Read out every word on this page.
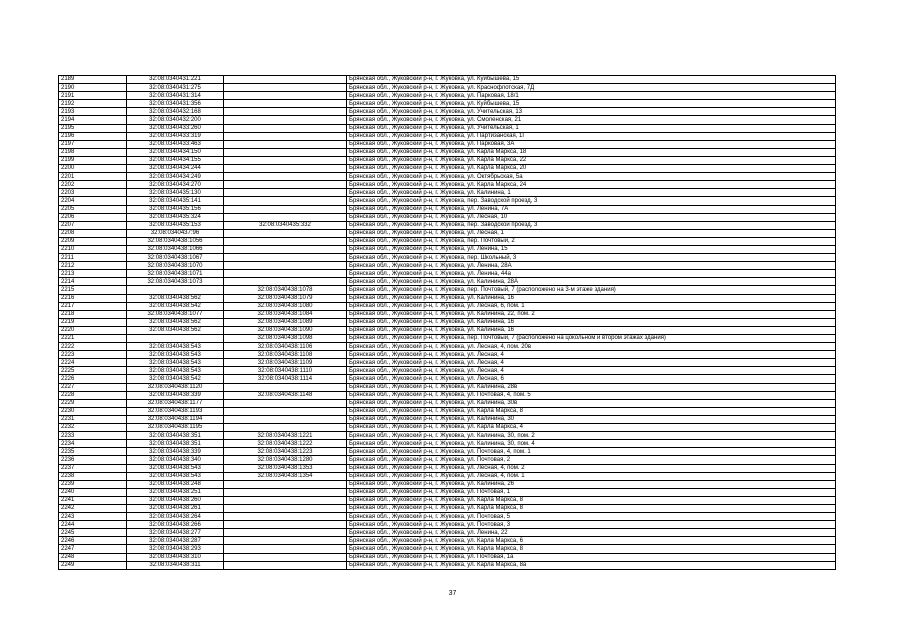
2189	32:08:0340431:221		Брянская обл., Жуковский р-н, г. Жуковка, ул. Куйбышева, 15
2190	32:08:0340431:275		Брянская обл., Жуковский р-н, г. Жуковка, ул. Краснофлотская, 7Д
2191	32:08:0340431:314		Брянская обл., Жуковский р-н, г. Жуковка, ул. Парковая, 18/1
2192	32:08:0340431:356		Брянская обл., Жуковский р-н, г. Жуковка, ул. Куйбышева, 15
2193	32:08:0340432:168		Брянская обл., Жуковский р-н, г. Жуковка, ул. Учительская, 13
2194	32:08:0340432:200		Брянская обл., Жуковский р-н, г. Жуковка, ул. Смоленская, 21
2195	32:08:0340433:260		Брянская обл., Жуковский р-н, г. Жуковка, ул. Учительская, 1
2196	32:08:0340433:319		Брянская обл., Жуковский р-н, г. Жуковка, ул. Партизанская, 1Г
2197	32:08:0340433:463		Брянская обл., Жуковский р-н, г. Жуковка, ул. Парковая, 3А
2198	32:08:0340434:150		Брянская обл., Жуковский р-н, г. Жуковка, ул. Карла Маркса, 18
2199	32:08:0340434:155		Брянская обл., Жуковский р-н, г. Жуковка, ул. Карла Маркса, 22
2200	32:08:0340434:244		Брянская обл., Жуковский р-н, г. Жуковка, ул. Карла Маркса, 20
2201	32:08:0340434:249		Брянская обл., Жуковский р-н, г. Жуковка, ул. Октябрьская, 5а
2202	32:08:0340434:270		Брянская обл., Жуковский р-н, г. Жуковка, ул. Карла Маркса, 24
2203	32:08:0340435:130		Брянская обл., Жуковский р-н, г. Жуковка, ул. Калинина, 1
2204	32:08:0340435:141		Брянская обл., Жуковский р-н, г. Жуковка, пер. Заводской проезд, 3
2205	32:08:0340435:156		Брянская обл., Жуковский р-н, г. Жуковка, ул. Ленина, 7А
2206	32:08:0340435:324		Брянская обл., Жуковский р-н, г. Жуковка, ул. Лесная, 10
2207	32:08:0340435:153	32:08:0340435:332	Брянская обл., Жуковский р-н, г. Жуковка, пер. Заводской проезд, 3
2208	32:08:0340437:96		Брянская обл., Жуковский р-н, г. Жуковка, ул. Лесная, 1
2209	32:08:0340438:1056		Брянская обл., Жуковский р-н, г. Жуковка, пер. Почтовый, 2
2210	32:08:0340438:1066		Брянская обл., Жуковский р-н, г. Жуковка, ул. Ленина, 15
2211	32:08:0340438:1067		Брянская обл., Жуковский р-н, г. Жуковка, пер. Школьный, 3
2212	32:08:0340438:1070		Брянская обл., Жуковский р-н, г. Жуковка, ул. Ленина, 28А
2213	32:08:0340438:1071		Брянская обл., Жуковский р-н, г. Жуковка, ул. Ленина, 44а
2214	32:08:0340438:1073		Брянская обл., Жуковский р-н, г. Жуковка, ул. Калинина, 28А
2215		32:08:0340438:1078	Брянская обл., Жуковский р-н, г. Жуковка, пер. Почтовый, 7 (расположено на 3-м этаже здания)
2216	32:08:0340438:562	32:08:0340438:1079	Брянская обл., Жуковский р-н, г. Жуковка, ул. Калинина, 16
2217	32:08:0340438:542	32:08:0340438:1080	Брянская обл., Жуковский р-н, г. Жуковка, ул. Лесная, 6, пом. 1
2218	32:08:0340438:1077	32:08:0340438:1084	Брянская обл., Жуковский р-н, г. Жуковка, ул. Калинина, 22, пом. 2
2219	32:08:0340438:562	32:08:0340438:1089	Брянская обл., Жуковский р-н, г. Жуковка, ул. Калинина, 16
2220	32:08:0340438:562	32:08:0340438:1090	Брянская обл., Жуковский р-н, г. Жуковка, ул. Калинина, 16
2221		32:08:0340438:1098	Брянская обл., Жуковский р-н, г. Жуковка, пер. Почтовый, 7 (расположено на цокольном и втором этажах здания)
2222	32:08:0340438:543	32:08:0340438:1106	Брянская обл., Жуковский р-н, г. Жуковка, ул. Лесная, 4, пом. 20в
2223	32:08:0340438:543	32:08:0340438:1108	Брянская обл., Жуковский р-н, г. Жуковка, ул. Лесная, 4
2224	32:08:0340438:543	32:08:0340438:1109	Брянская обл., Жуковский р-н, г. Жуковка, ул. Лесная, 4
2225	32:08:0340438:543	32:08:0340438:1110	Брянская обл., Жуковский р-н, г. Жуковка, ул. Лесная, 4
2226	32:08:0340438:542	32:08:0340438:1114	Брянская обл., Жуковский р-н, г. Жуковка, ул. Лесная, 6
2227	32:08:0340438:1120		Брянская обл., Жуковский р-н, г. Жуковка, ул. Калинина, 28в
2228	32:08:0340438:339	32:08:0340438:1148	Брянская обл., Жуковский р-н, г. Жуковка, ул. Почтовая, 4, пом. 5
2229	32:08:0340438:1177		Брянская обл., Жуковский р-н, г. Жуковка, ул. Калинина, 30в
2230	32:08:0340438:1193		Брянская обл., Жуковский р-н, г. Жуковка, ул. Карла Маркса, 8
2231	32:08:0340438:1194		Брянская обл., Жуковский р-н, г. Жуковка, ул. Калинина, 30
2232	32:08:0340438:1195		Брянская обл., Жуковский р-н, г. Жуковка, ул. Карла Маркса, 4
2233	32:08:0340438:351	32:08:0340438:1221	Брянская обл., Жуковский р-н, г. Жуковка, ул. Калинина, 30, пом. 2
2234	32:08:0340438:351	32:08:0340438:1222	Брянская обл., Жуковский р-н, г. Жуковка, ул. Калинина, 30, пом. 4
2235	32:08:0340438:339	32:08:0340438:1223	Брянская обл., Жуковский р-н, г. Жуковка, ул. Почтовая, 4, пом. 1
2236	32:08:0340438:340	32:08:0340438:1280	Брянская обл., Жуковский р-н, г. Жуковка, ул. Почтовая, 2
2237	32:08:0340438:543	32:08:0340438:1353	Брянская обл., Жуковский р-н, г. Жуковка, ул. Лесная, 4, пом. 2
2238	32:08:0340438:543	32:08:0340438:1354	Брянская обл., Жуковский р-н, г. Жуковка, ул. Лесная, 4, пом. 1
2239	32:08:0340438:248		Брянская обл., Жуковский р-н, г. Жуковка, ул. Калинина, 26
2240	32:08:0340438:251		Брянская обл., Жуковский р-н, г. Жуковка, ул. Почтовая, 1
2241	32:08:0340438:260		Брянская обл., Жуковский р-н, г. Жуковка, ул. Карла Маркса, 8
2242	32:08:0340438:261		Брянская обл., Жуковский р-н, г. Жуковка, ул. Карла Маркса, 8
2243	32:08:0340438:264		Брянская обл., Жуковский р-н, г. Жуковка, ул. Почтовая, 5
2244	32:08:0340438:266		Брянская обл., Жуковский р-н, г. Жуковка, ул. Почтовая, 3
2245	32:08:0340438:277		Брянская обл., Жуковский р-н, г. Жуковка, ул. Ленина, 22
2246	32:08:0340438:287		Брянская обл., Жуковский р-н, г. Жуковка, ул. Карла Маркса, 6
2247	32:08:0340438:293		Брянская обл., Жуковский р-н, г. Жуковка, ул. Карла Маркса, 8
2248	32:08:0340438:310		Брянская обл., Жуковский р-н, г. Жуковка, ул. Почтовая, 1а
2249	32:08:0340438:311		Брянская обл., Жуковский р-н, г. Жуковка, ул. Карла Маркса, 8а
37
